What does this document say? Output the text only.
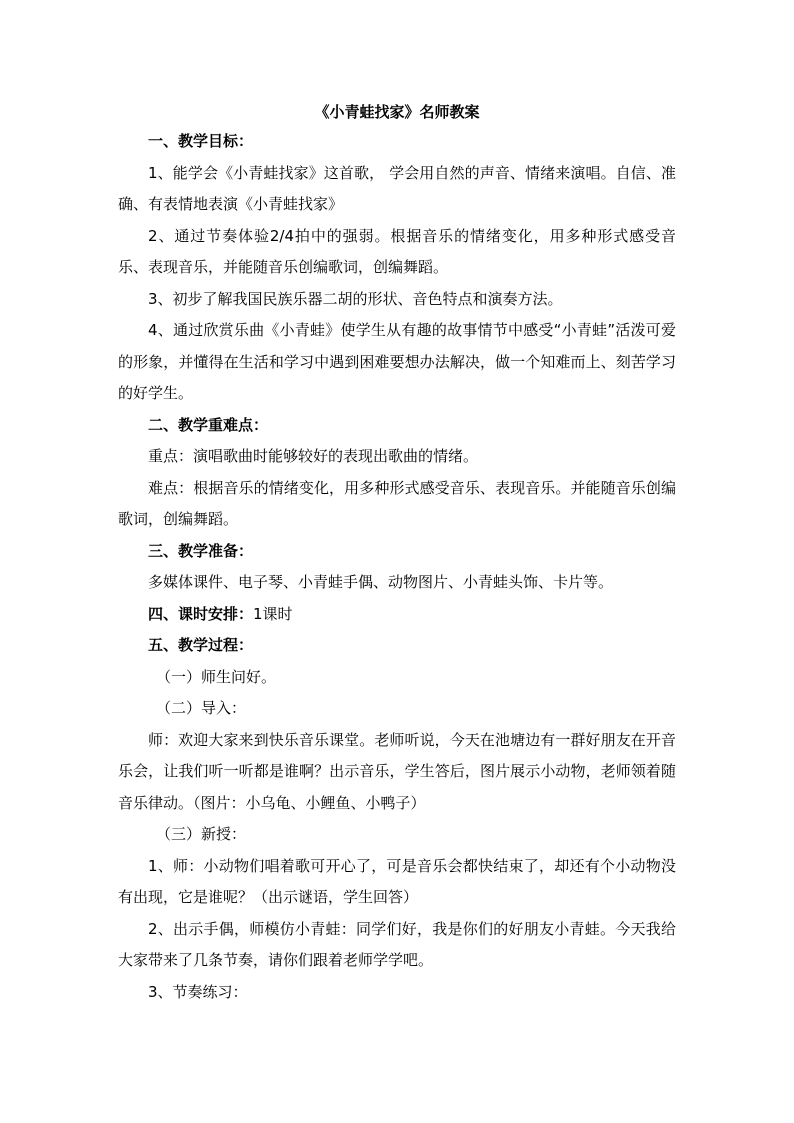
《小青蛙找家》名师教案

一、教学目标：

1、能学会《小青蛙找家》这首歌， 学会用自然的声音、情绪来演唱。自信、准确、有表情地表演《小青蛙找家》

2、通过节奏体验2/4拍中的强弱。根据音乐的情绪变化，用多种形式感受音乐、表现音乐，并能随音乐创编歌词，创编舞蹈。

3、初步了解我国民族乐器二胡的形状、音色特点和演奏方法。

4、通过欣赏乐曲《小青蛙》使学生从有趣的故事情节中感受“小青蛙”活泼可爱的形象，并懂得在生活和学习中遇到困难要想办法解决，做一个知难而上、刻苦学习的好学生。

二、教学重难点：

重点：演唱歌曲时能够较好的表现出歌曲的情绪。

难点：根据音乐的情绪变化，用多种形式感受音乐、表现音乐。并能随音乐创编歌词，创编舞蹈。

三、教学准备：

多媒体课件、电子琴、小青蛙手偶、动物图片、小青蛙头饰、卡片等。

四、课时安排：1课时

五、教学过程：

（一）师生问好。

（二）导入：

师：欢迎大家来到快乐音乐课堂。老师听说，今天在池塘边有一群好朋友在开音乐会，让我们听一听都是谁啊？出示音乐，学生答后，图片展示小动物，老师领着随音乐律动。（图片：小乌龟、小鲤鱼、小鸭子）

（三）新授：

1、师：小动物们唱着歌可开心了，可是音乐会都快结束了，却还有个小动物没有出现，它是谁呢？（出示谜语，学生回答）

2、出示手偶，师模仿小青蛙：同学们好，我是你们的好朋友小青蛙。今天我给大家带来了几条节奏，请你们跟着老师学学吧。

3、节奏练习：
